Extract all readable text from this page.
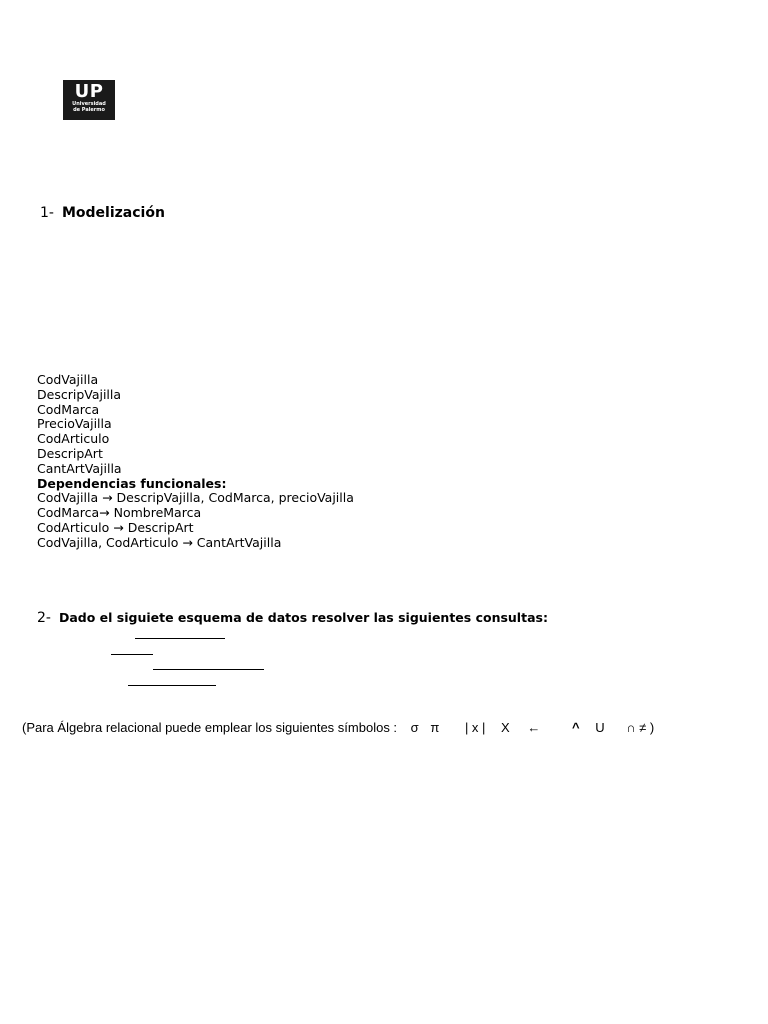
UP
Universidad
de Palermo
1- Modelización
CodVajilla
DescripVajilla
CodMarca
PrecioVajilla
CodArticulo
DescripArt
CantArtVajilla
Dependencias funcionales:
CodVajilla → DescripVajilla, CodMarca, precioVajilla
CodMarca→ NombreMarca
CodArticulo → DescripArt
CodVajilla, CodArticulo → CantArtVajilla
2- Dado el siguiete esquema de datos resolver las siguientes consultas:
(Para Álgebra relacional puede emplear los siguientes símbolos : σ π | x | X ← ^ U ∩ ≠ )
